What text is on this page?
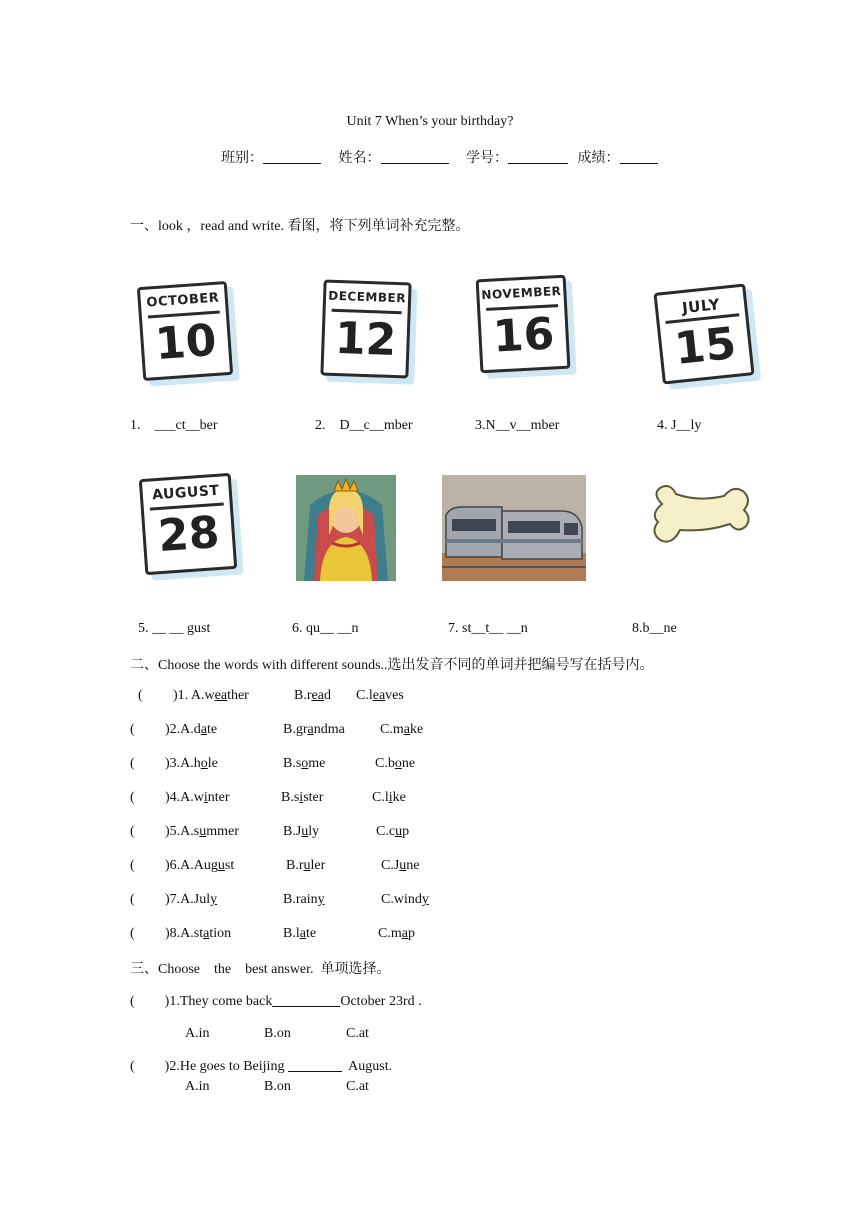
Unit 7 When’s your birthday?
班别：	姓名：	学号：	成绩：
一、look ，read and write. 看图，将下列单词补充完整。
OCTOBER
10
DECEMBER
12
NOVEMBER
16
JULY
15
1.    ___ct__ber	2.    D__c__mber	3.N__v__mber	4. J__ly
AUGUST
28
5. __ __ gust	6. qu__ __n	7. st__t__ __n	8.b__ne
二、Choose the words with different sounds..选出发音不同的单词并把编号写在括号内。
( )1. A.weather	B.read C.leaves
( )2.A.date	B.grandma	C.make
( )3.A.hole	B.some	C.bone
( )4.A.winter	B.sister	C.like
( )5.A.summer	B.July	C.cup
( )6.A.August	B.ruler	C.June
( )7.A.July	B.rainy	C.windy
( )8.A.station	B.late	C.map
三、Choose    the    best answer.  单项选择。
( )1.They come back	October 23rd .
A.in	B.on	C.at
( )2.He goes to Beijing	August.
A.in	B.on	C.at
